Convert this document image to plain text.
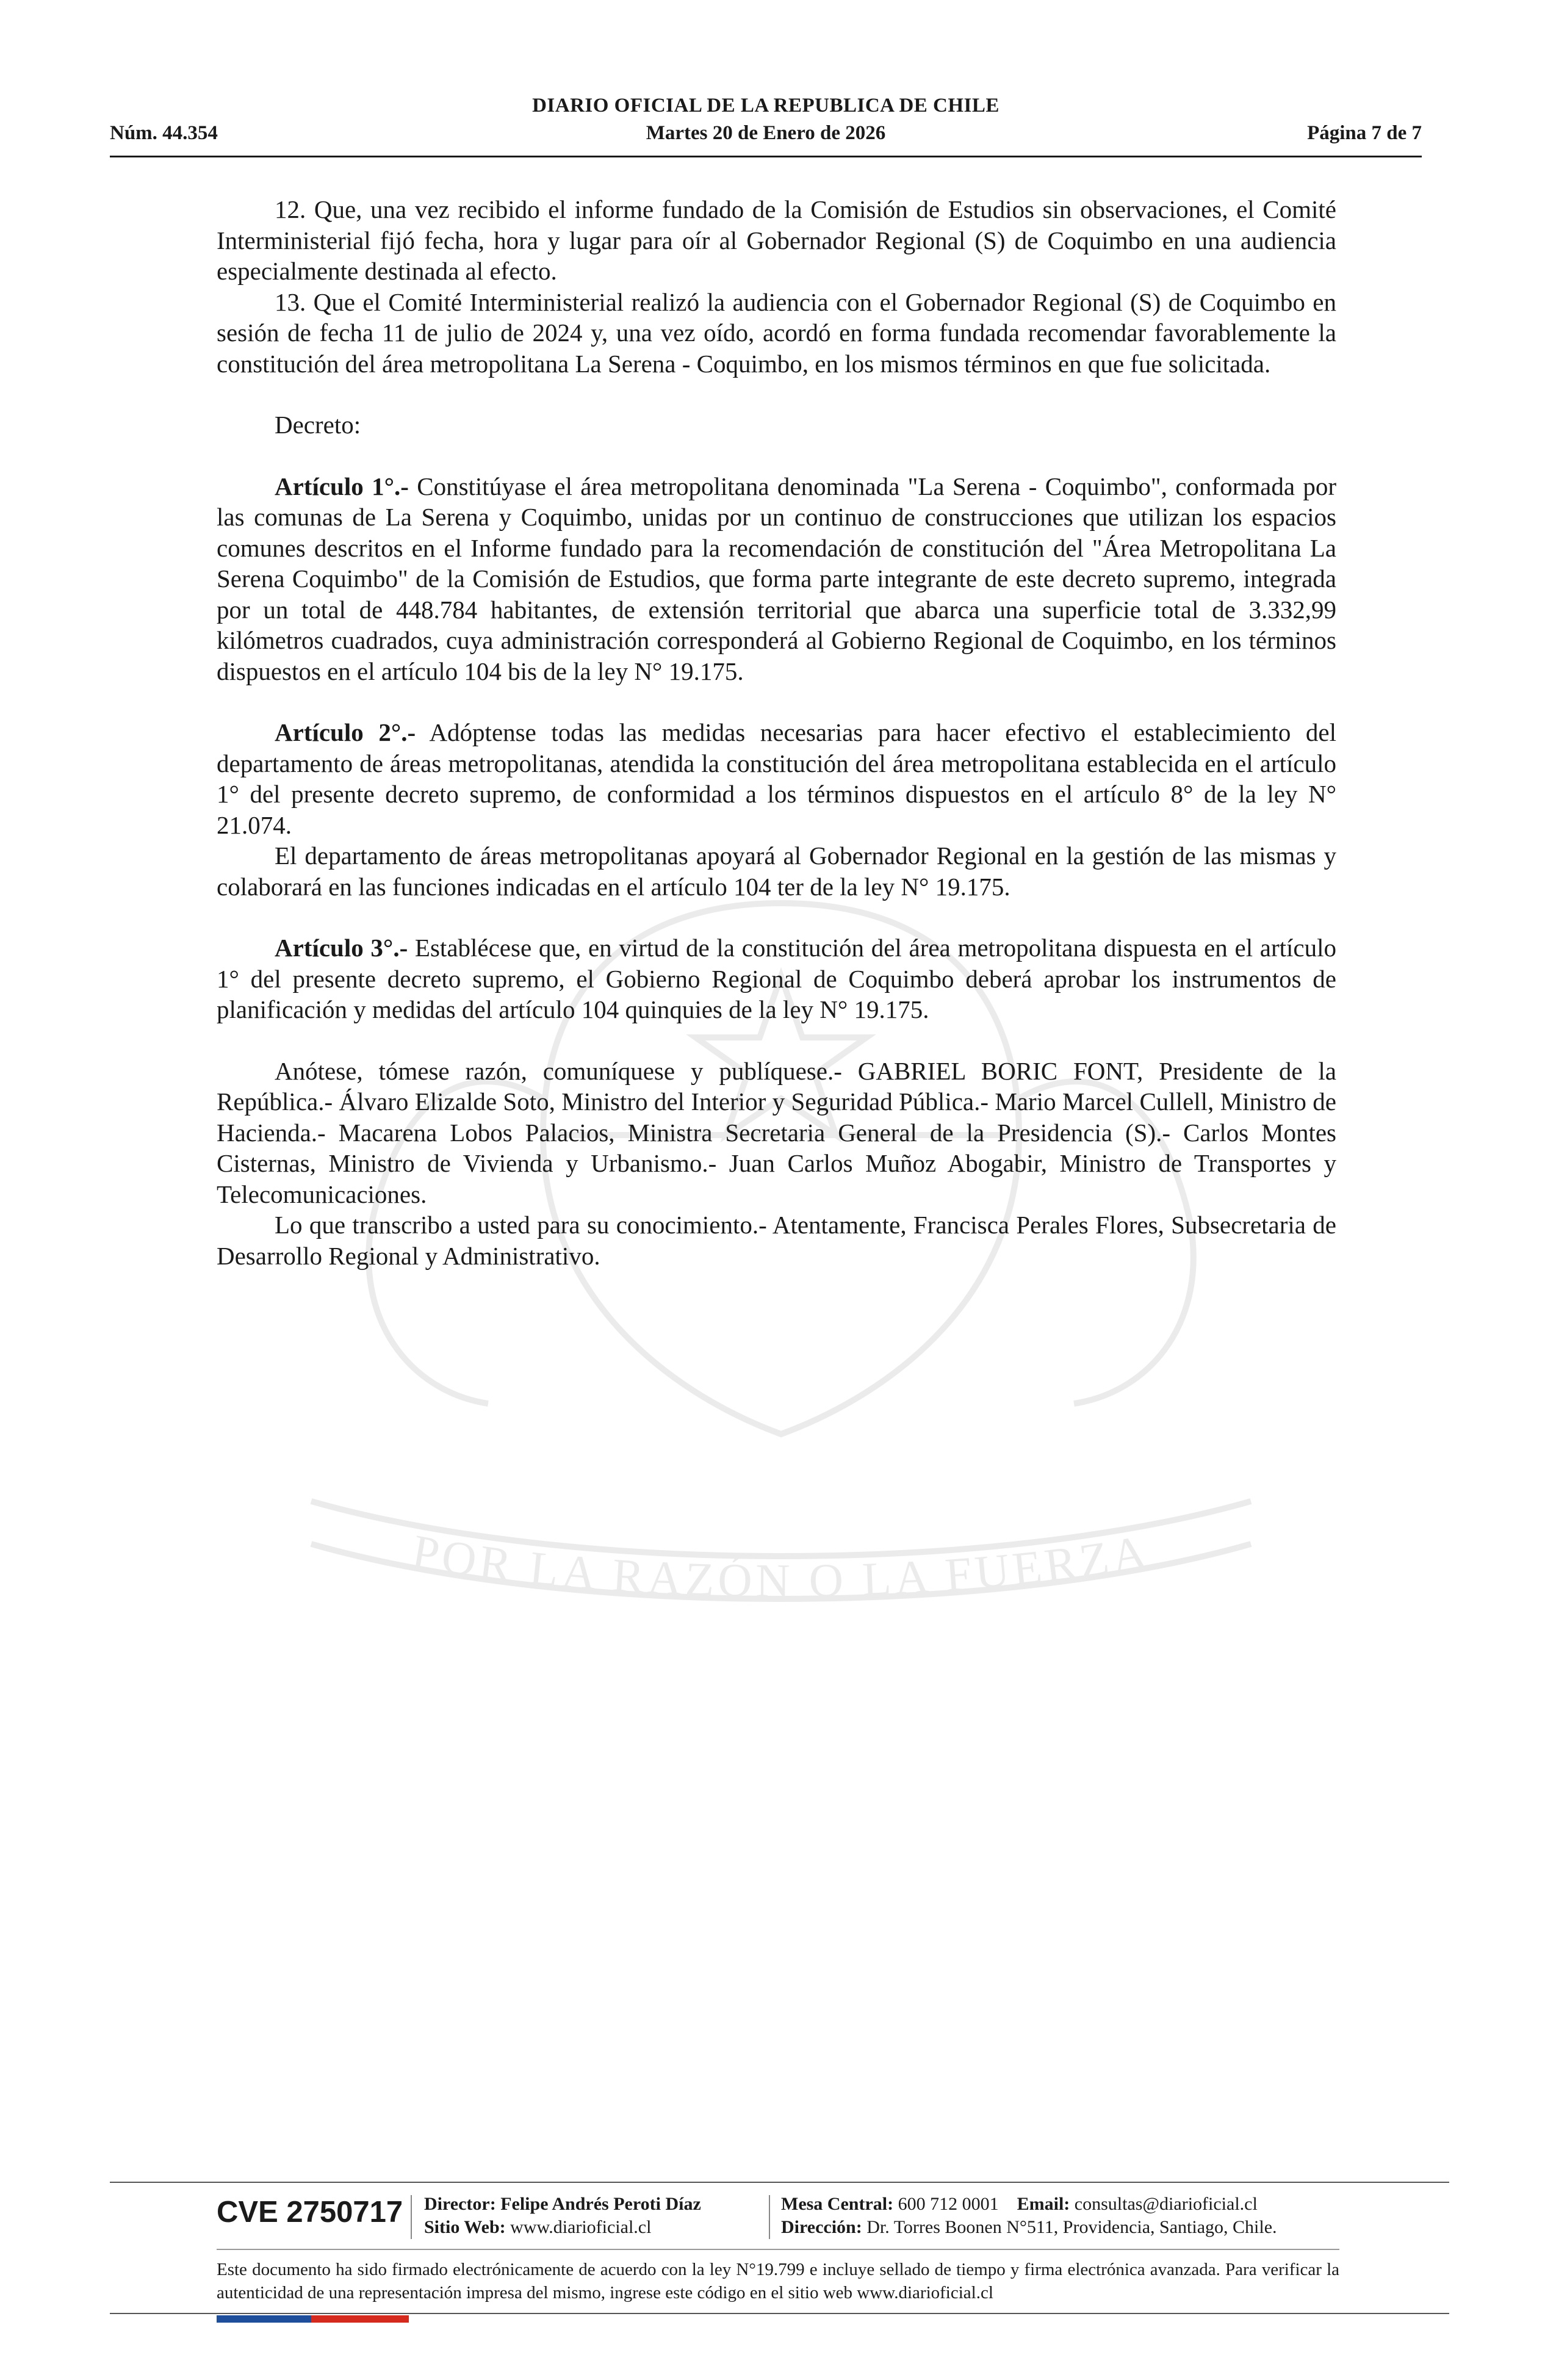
DIARIO OFICIAL DE LA REPUBLICA DE CHILE
Núm. 44.354	Martes 20 de Enero de 2026	Página 7 de 7
POR LA RAZÓN O LA FUERZA

12. Que, una vez recibido el informe fundado de la Comisión de Estudios sin observaciones, el Comité Interministerial fijó fecha, hora y lugar para oír al Gobernador Regional (S) de Coquimbo en una audiencia especialmente destinada al efecto.

13. Que el Comité Interministerial realizó la audiencia con el Gobernador Regional (S) de Coquimbo en sesión de fecha 11 de julio de 2024 y, una vez oído, acordó en forma fundada recomendar favorablemente la constitución del área metropolitana La Serena - Coquimbo, en los mismos términos en que fue solicitada.

Decreto:

Artículo 1°.- Constitúyase el área metropolitana denominada "La Serena - Coquimbo", conformada por las comunas de La Serena y Coquimbo, unidas por un continuo de construcciones que utilizan los espacios comunes descritos en el Informe fundado para la recomendación de constitución del "Área Metropolitana La Serena Coquimbo" de la Comisión de Estudios, que forma parte integrante de este decreto supremo, integrada por un total de 448.784 habitantes, de extensión territorial que abarca una superficie total de 3.332,99 kilómetros cuadrados, cuya administración corresponderá al Gobierno Regional de Coquimbo, en los términos dispuestos en el artículo 104 bis de la ley N° 19.175.

Artículo 2°.- Adóptense todas las medidas necesarias para hacer efectivo el establecimiento del departamento de áreas metropolitanas, atendida la constitución del área metropolitana establecida en el artículo 1° del presente decreto supremo, de conformidad a los términos dispuestos en el artículo 8° de la ley N° 21.074.

El departamento de áreas metropolitanas apoyará al Gobernador Regional en la gestión de las mismas y colaborará en las funciones indicadas en el artículo 104 ter de la ley N° 19.175.

Artículo 3°.- Establécese que, en virtud de la constitución del área metropolitana dispuesta en el artículo 1° del presente decreto supremo, el Gobierno Regional de Coquimbo deberá aprobar los instrumentos de planificación y medidas del artículo 104 quinquies de la ley N° 19.175.

Anótese, tómese razón, comuníquese y publíquese.- GABRIEL BORIC FONT, Presidente de la República.- Álvaro Elizalde Soto, Ministro del Interior y Seguridad Pública.- Mario Marcel Cullell, Ministro de Hacienda.- Macarena Lobos Palacios, Ministra Secretaria General de la Presidencia (S).- Carlos Montes Cisternas, Ministro de Vivienda y Urbanismo.- Juan Carlos Muñoz Abogabir, Ministro de Transportes y Telecomunicaciones.

Lo que transcribo a usted para su conocimiento.- Atentamente, Francisca Perales Flores, Subsecretaria de Desarrollo Regional y Administrativo.

CVE 2750717 Director: Felipe Andrés Peroti Díaz
Sitio Web: www.diarioficial.cl
Mesa Central: 600 712 0001 Email: consultas@diarioficial.cl
Dirección: Dr. Torres Boonen N°511, Providencia, Santiago, Chile.
Este documento ha sido firmado electrónicamente de acuerdo con la ley N°19.799 e incluye sellado de tiempo y firma electrónica avanzada. Para verificar la autenticidad de una representación impresa del mismo, ingrese este código en el sitio web www.diarioficial.cl
